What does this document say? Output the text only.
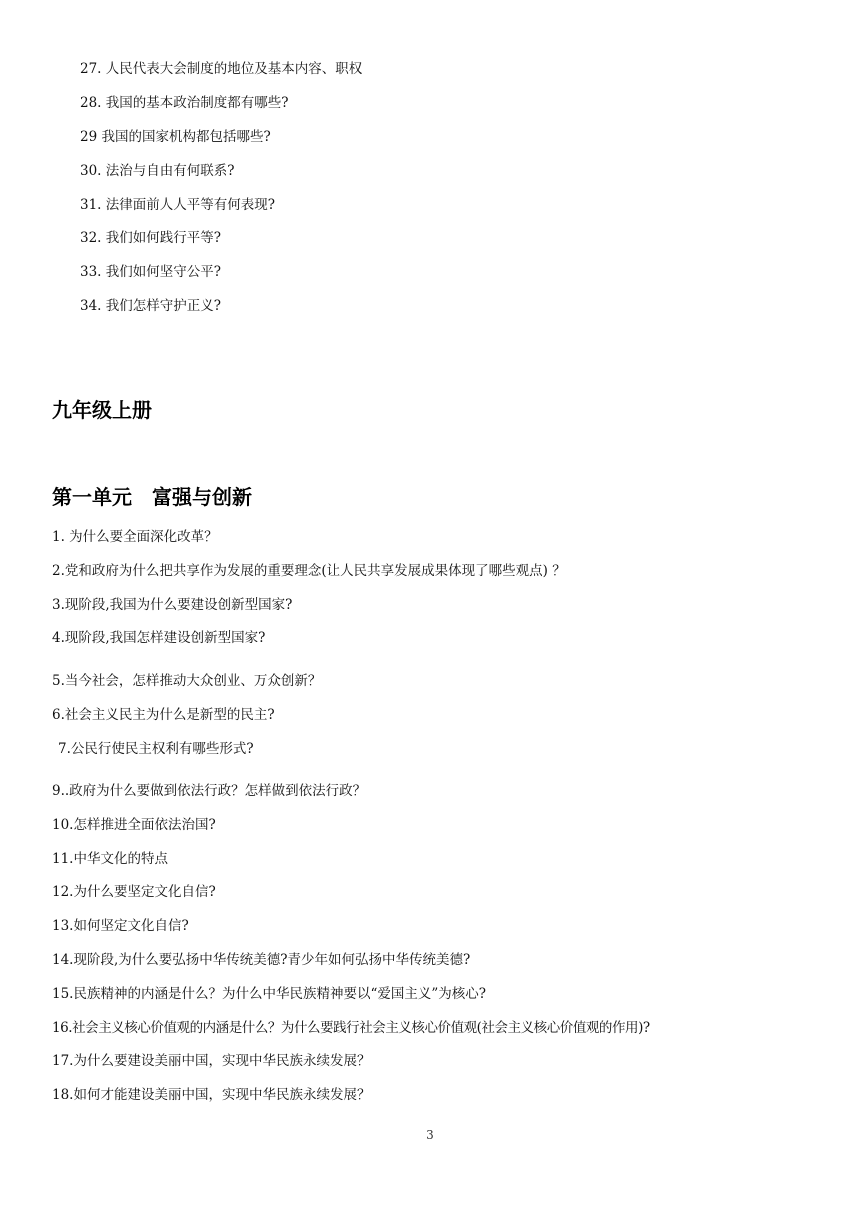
27. 人民代表大会制度的地位及基本内容、职权
28. 我国的基本政治制度都有哪些?
29 我国的国家机构都包括哪些?
30. 法治与自由有何联系?
31. 法律面前人人平等有何表现?
32. 我们如何践行平等?
33. 我们如何坚守公平?
34. 我们怎样守护正义?
九年级上册
第一单元　富强与创新
1. 为什么要全面深化改革？
2.党和政府为什么把共享作为发展的重要理念(让人民共享发展成果体现了哪些观点) ？
3.现阶段,我国为什么要建设创新型国家?
4.现阶段,我国怎样建设创新型国家?
5.当今社会，怎样推动大众创业、万众创新？
6.社会主义民主为什么是新型的民主?
7.公民行使民主权利有哪些形式?
9..政府为什么要做到依法行政？怎样做到依法行政？
10.怎样推进全面依法治国?
11.中华文化的特点
12.为什么要坚定文化自信?
13.如何坚定文化自信?
14.现阶段,为什么要弘扬中华传统美德?青少年如何弘扬中华传统美德?
15.民族精神的内涵是什么？为什么中华民族精神要以“爱国主义”为核心?
16.社会主义核心价值观的内涵是什么？为什么要践行社会主义核心价值观(社会主义核心价值观的作用)?
17.为什么要建设美丽中国，实现中华民族永续发展？
18.如何才能建设美丽中国，实现中华民族永续发展？
3
